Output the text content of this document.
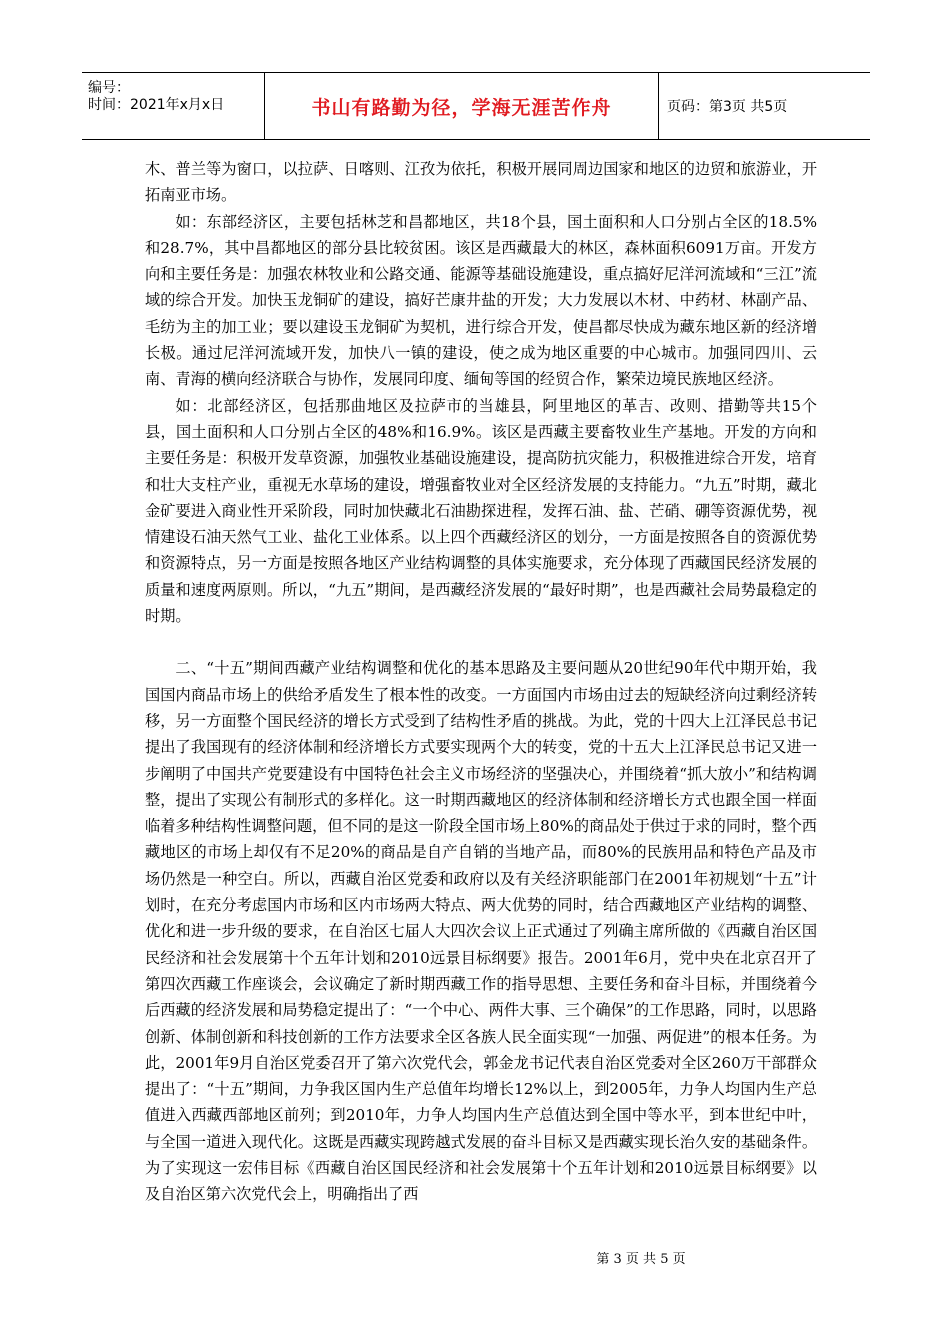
编号：
时间：2021年x月x日	书山有路勤为径，学海无涯苦作舟	页码：第3页 共5页

木、普兰等为窗口，以拉萨、日喀则、江孜为依托，积极开展同周边国家和地区的边贸和旅游业，开拓南亚市场。

如：东部经济区，主要包括林芝和昌都地区，共18个县，国土面积和人口分别占全区的18.5%和28.7%，其中昌都地区的部分县比较贫困。该区是西藏最大的林区，森林面积6091万亩。开发方向和主要任务是：加强农林牧业和公路交通、能源等基础设施建设，重点搞好尼洋河流域和“三江”流域的综合开发。加快玉龙铜矿的建设，搞好芒康井盐的开发；大力发展以木材、中药材、林副产品、毛纺为主的加工业；要以建设玉龙铜矿为契机，进行综合开发，使昌都尽快成为藏东地区新的经济增长极。通过尼洋河流域开发，加快八一镇的建设，使之成为地区重要的中心城市。加强同四川、云南、青海的横向经济联合与协作，发展同印度、缅甸等国的经贸合作，繁荣边境民族地区经济。

如：北部经济区，包括那曲地区及拉萨市的当雄县，阿里地区的革吉、改则、措勤等共15个县，国土面积和人口分别占全区的48%和16.9%。该区是西藏主要畜牧业生产基地。开发的方向和主要任务是：积极开发草资源，加强牧业基础设施建设，提高防抗灾能力，积极推进综合开发，培育和壮大支柱产业，重视无水草场的建设，增强畜牧业对全区经济发展的支持能力。“九五”时期，藏北金矿要进入商业性开采阶段，同时加快藏北石油勘探进程，发挥石油、盐、芒硝、硼等资源优势，视情建设石油天然气工业、盐化工业体系。以上四个西藏经济区的划分，一方面是按照各自的资源优势和资源特点，另一方面是按照各地区产业结构调整的具体实施要求，充分体现了西藏国民经济发展的质量和速度两原则。所以，“九五”期间，是西藏经济发展的“最好时期”，也是西藏社会局势最稳定的时期。

二、“十五”期间西藏产业结构调整和优化的基本思路及主要问题从20世纪90年代中期开始，我国国内商品市场上的供给矛盾发生了根本性的改变。一方面国内市场由过去的短缺经济向过剩经济转移，另一方面整个国民经济的增长方式受到了结构性矛盾的挑战。为此，党的十四大上江泽民总书记提出了我国现有的经济体制和经济增长方式要实现两个大的转变，党的十五大上江泽民总书记又进一步阐明了中国共产党要建设有中国特色社会主义市场经济的坚强决心，并围绕着“抓大放小”和结构调整，提出了实现公有制形式的多样化。这一时期西藏地区的经济体制和经济增长方式也跟全国一样面临着多种结构性调整问题，但不同的是这一阶段全国市场上80%的商品处于供过于求的同时，整个西藏地区的市场上却仅有不足20%的商品是自产自销的当地产品，而80%的民族用品和特色产品及市场仍然是一种空白。所以，西藏自治区党委和政府以及有关经济职能部门在2001年初规划“十五”计划时，在充分考虑国内市场和区内市场两大特点、两大优势的同时，结合西藏地区产业结构的调整、优化和进一步升级的要求，在自治区七届人大四次会议上正式通过了列确主席所做的《西藏自治区国民经济和社会发展第十个五年计划和2010远景目标纲要》报告。2001年6月，党中央在北京召开了第四次西藏工作座谈会，会议确定了新时期西藏工作的指导思想、主要任务和奋斗目标，并围绕着今后西藏的经济发展和局势稳定提出了：“一个中心、两件大事、三个确保”的工作思路，同时，以思路创新、体制创新和科技创新的工作方法要求全区各族人民全面实现“一加强、两促进”的根本任务。为此，2001年9月自治区党委召开了第六次党代会，郭金龙书记代表自治区党委对全区260万干部群众提出了：“十五”期间，力争我区国内生产总值年均增长12%以上，到2005年，力争人均国内生产总值进入西藏西部地区前列；到2010年，力争人均国内生产总值达到全国中等水平，到本世纪中叶，与全国一道进入现代化。这既是西藏实现跨越式发展的奋斗目标又是西藏实现长治久安的基础条件。为了实现这一宏伟目标《西藏自治区国民经济和社会发展第十个五年计划和2010远景目标纲要》以及自治区第六次党代会上，明确指出了西

第 3 页 共 5 页
